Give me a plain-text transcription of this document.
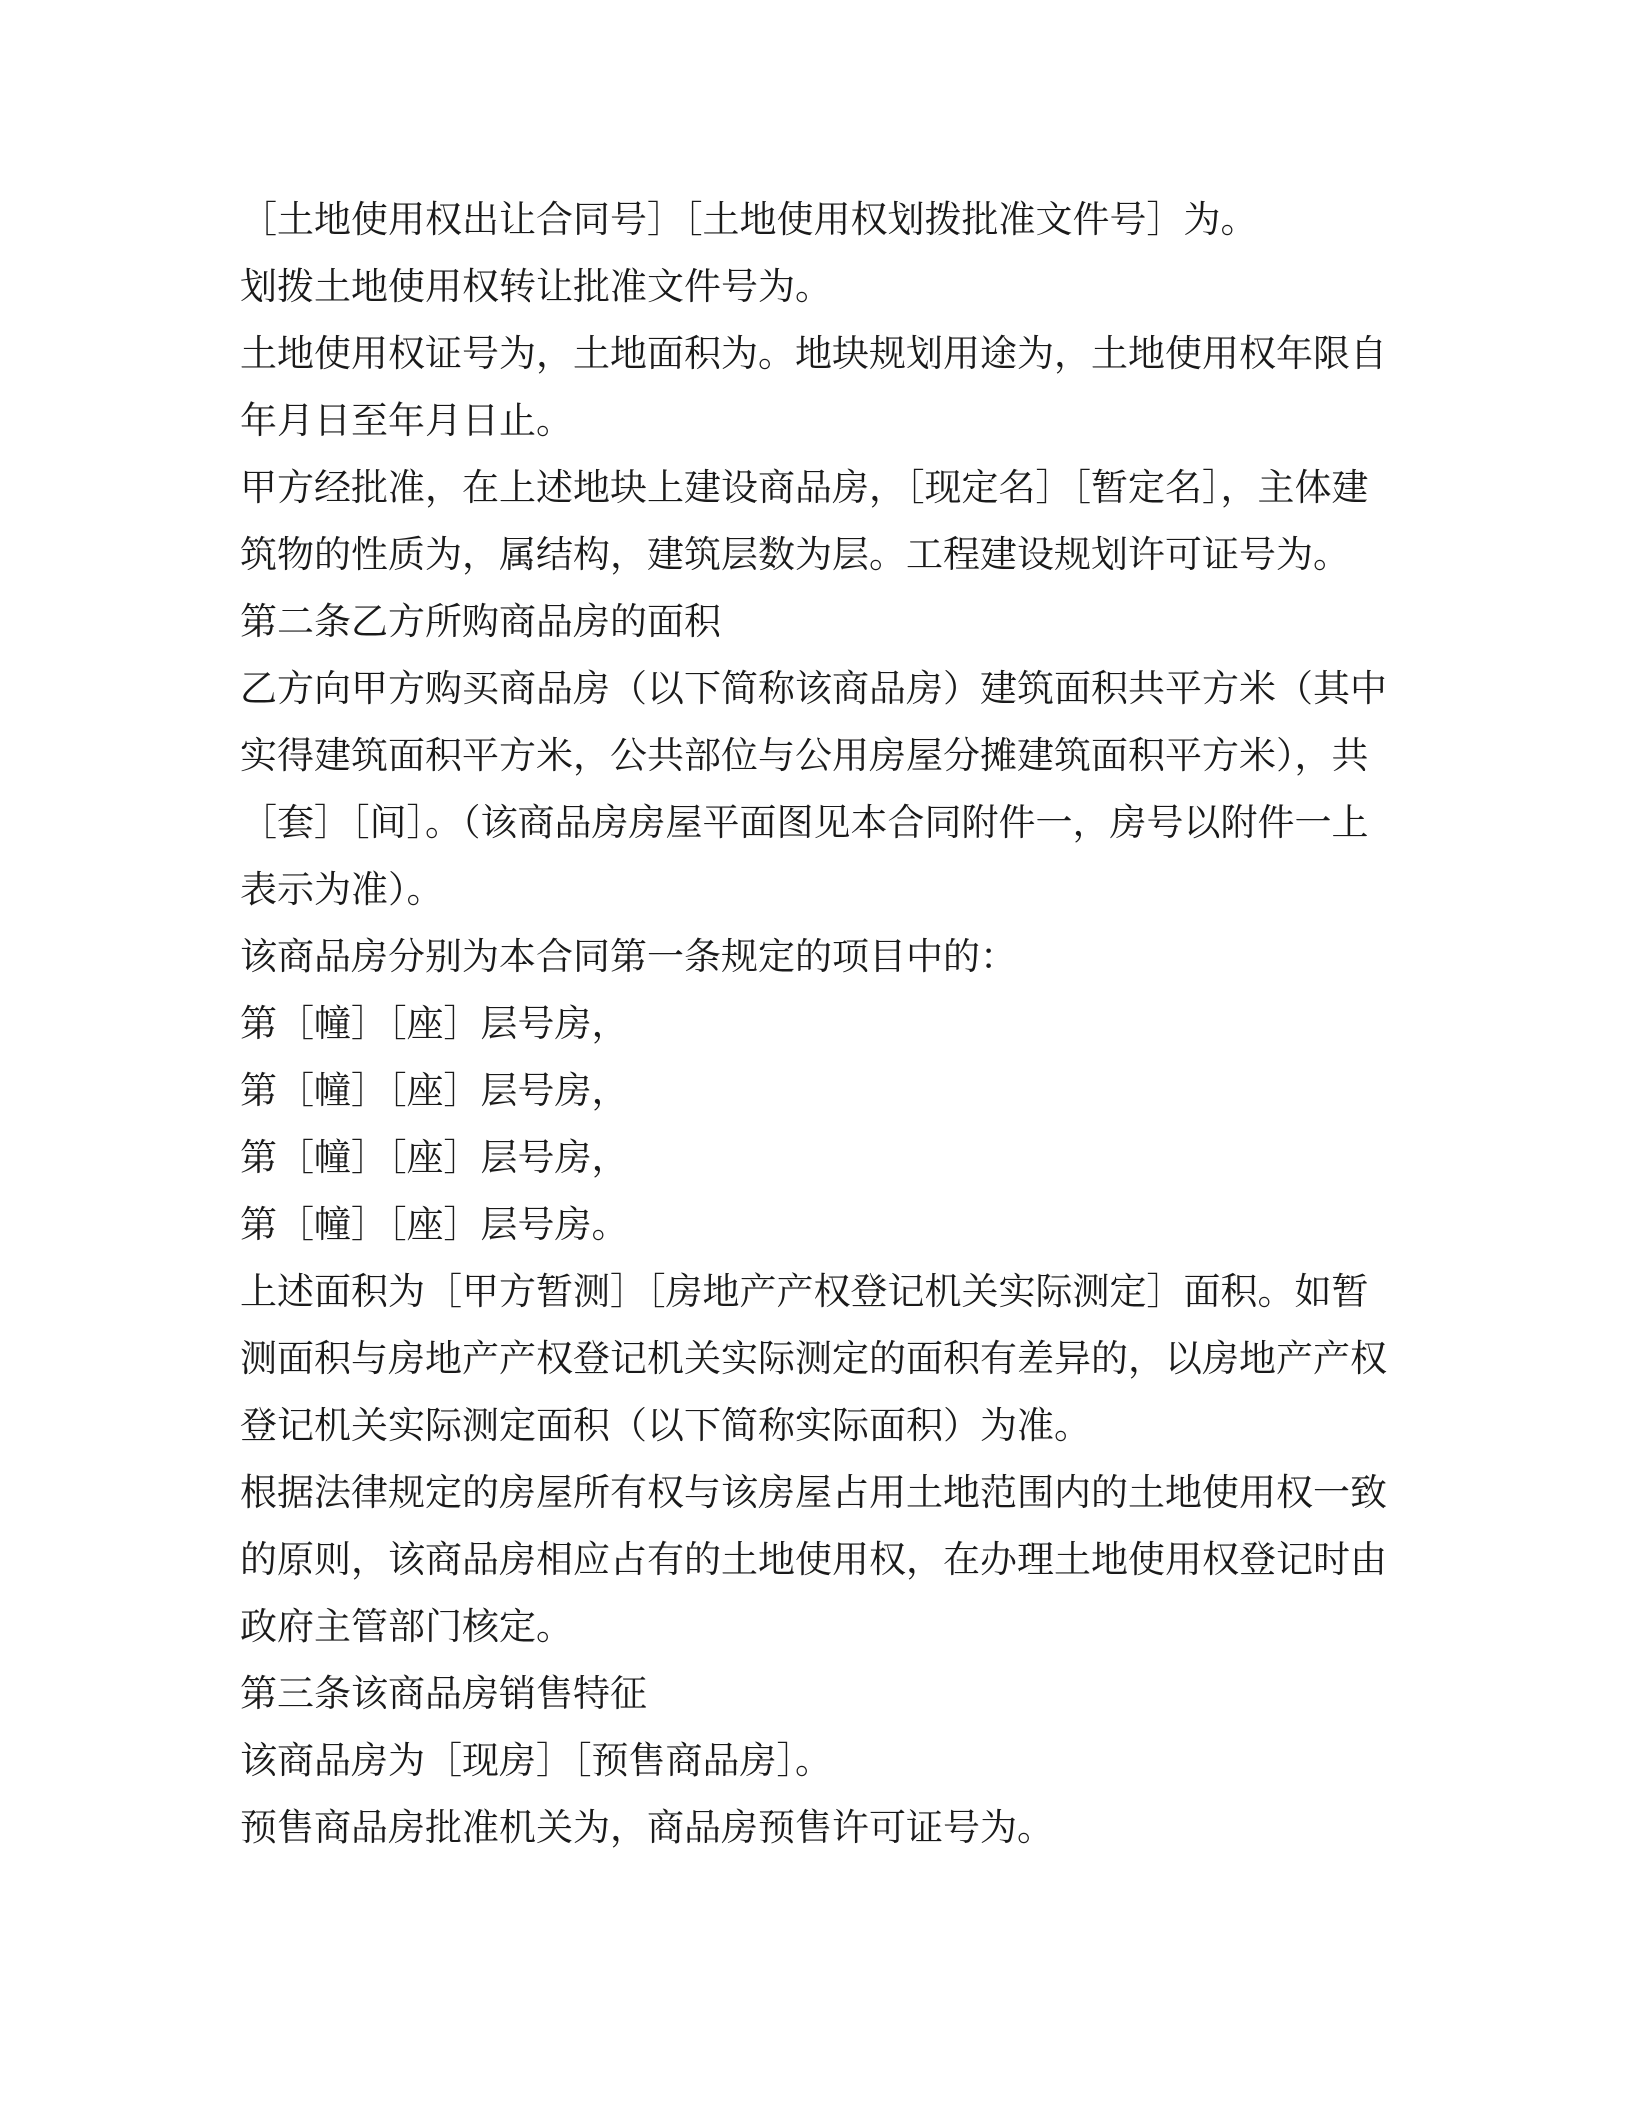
［土地使用权出让合同号］［土地使用权划拨批准文件号］为。

划拨土地使用权转让批准文件号为。

土地使用权证号为，土地面积为。地块规划用途为，土地使用权年限自年月日至年月日止。

甲方经批准，在上述地块上建设商品房，［现定名］［暂定名］，主体建筑物的性质为，属结构，建筑层数为层。工程建设规划许可证号为。

第二条乙方所购商品房的面积

乙方向甲方购买商品房（以下简称该商品房）建筑面积共平方米（其中实得建筑面积平方米，公共部位与公用房屋分摊建筑面积平方米），共［套］［间］。（该商品房房屋平面图见本合同附件一，房号以附件一上表示为准）。

该商品房分别为本合同第一条规定的项目中的：

第［幢］［座］层号房，

第［幢］［座］层号房，

第［幢］［座］层号房，

第［幢］［座］层号房。

上述面积为［甲方暂测］［房地产产权登记机关实际测定］面积。如暂测面积与房地产产权登记机关实际测定的面积有差异的，以房地产产权登记机关实际测定面积（以下简称实际面积）为准。

根据法律规定的房屋所有权与该房屋占用土地范围内的土地使用权一致的原则，该商品房相应占有的土地使用权，在办理土地使用权登记时由政府主管部门核定。

第三条该商品房销售特征

该商品房为［现房］［预售商品房］。

预售商品房批准机关为，商品房预售许可证号为。
